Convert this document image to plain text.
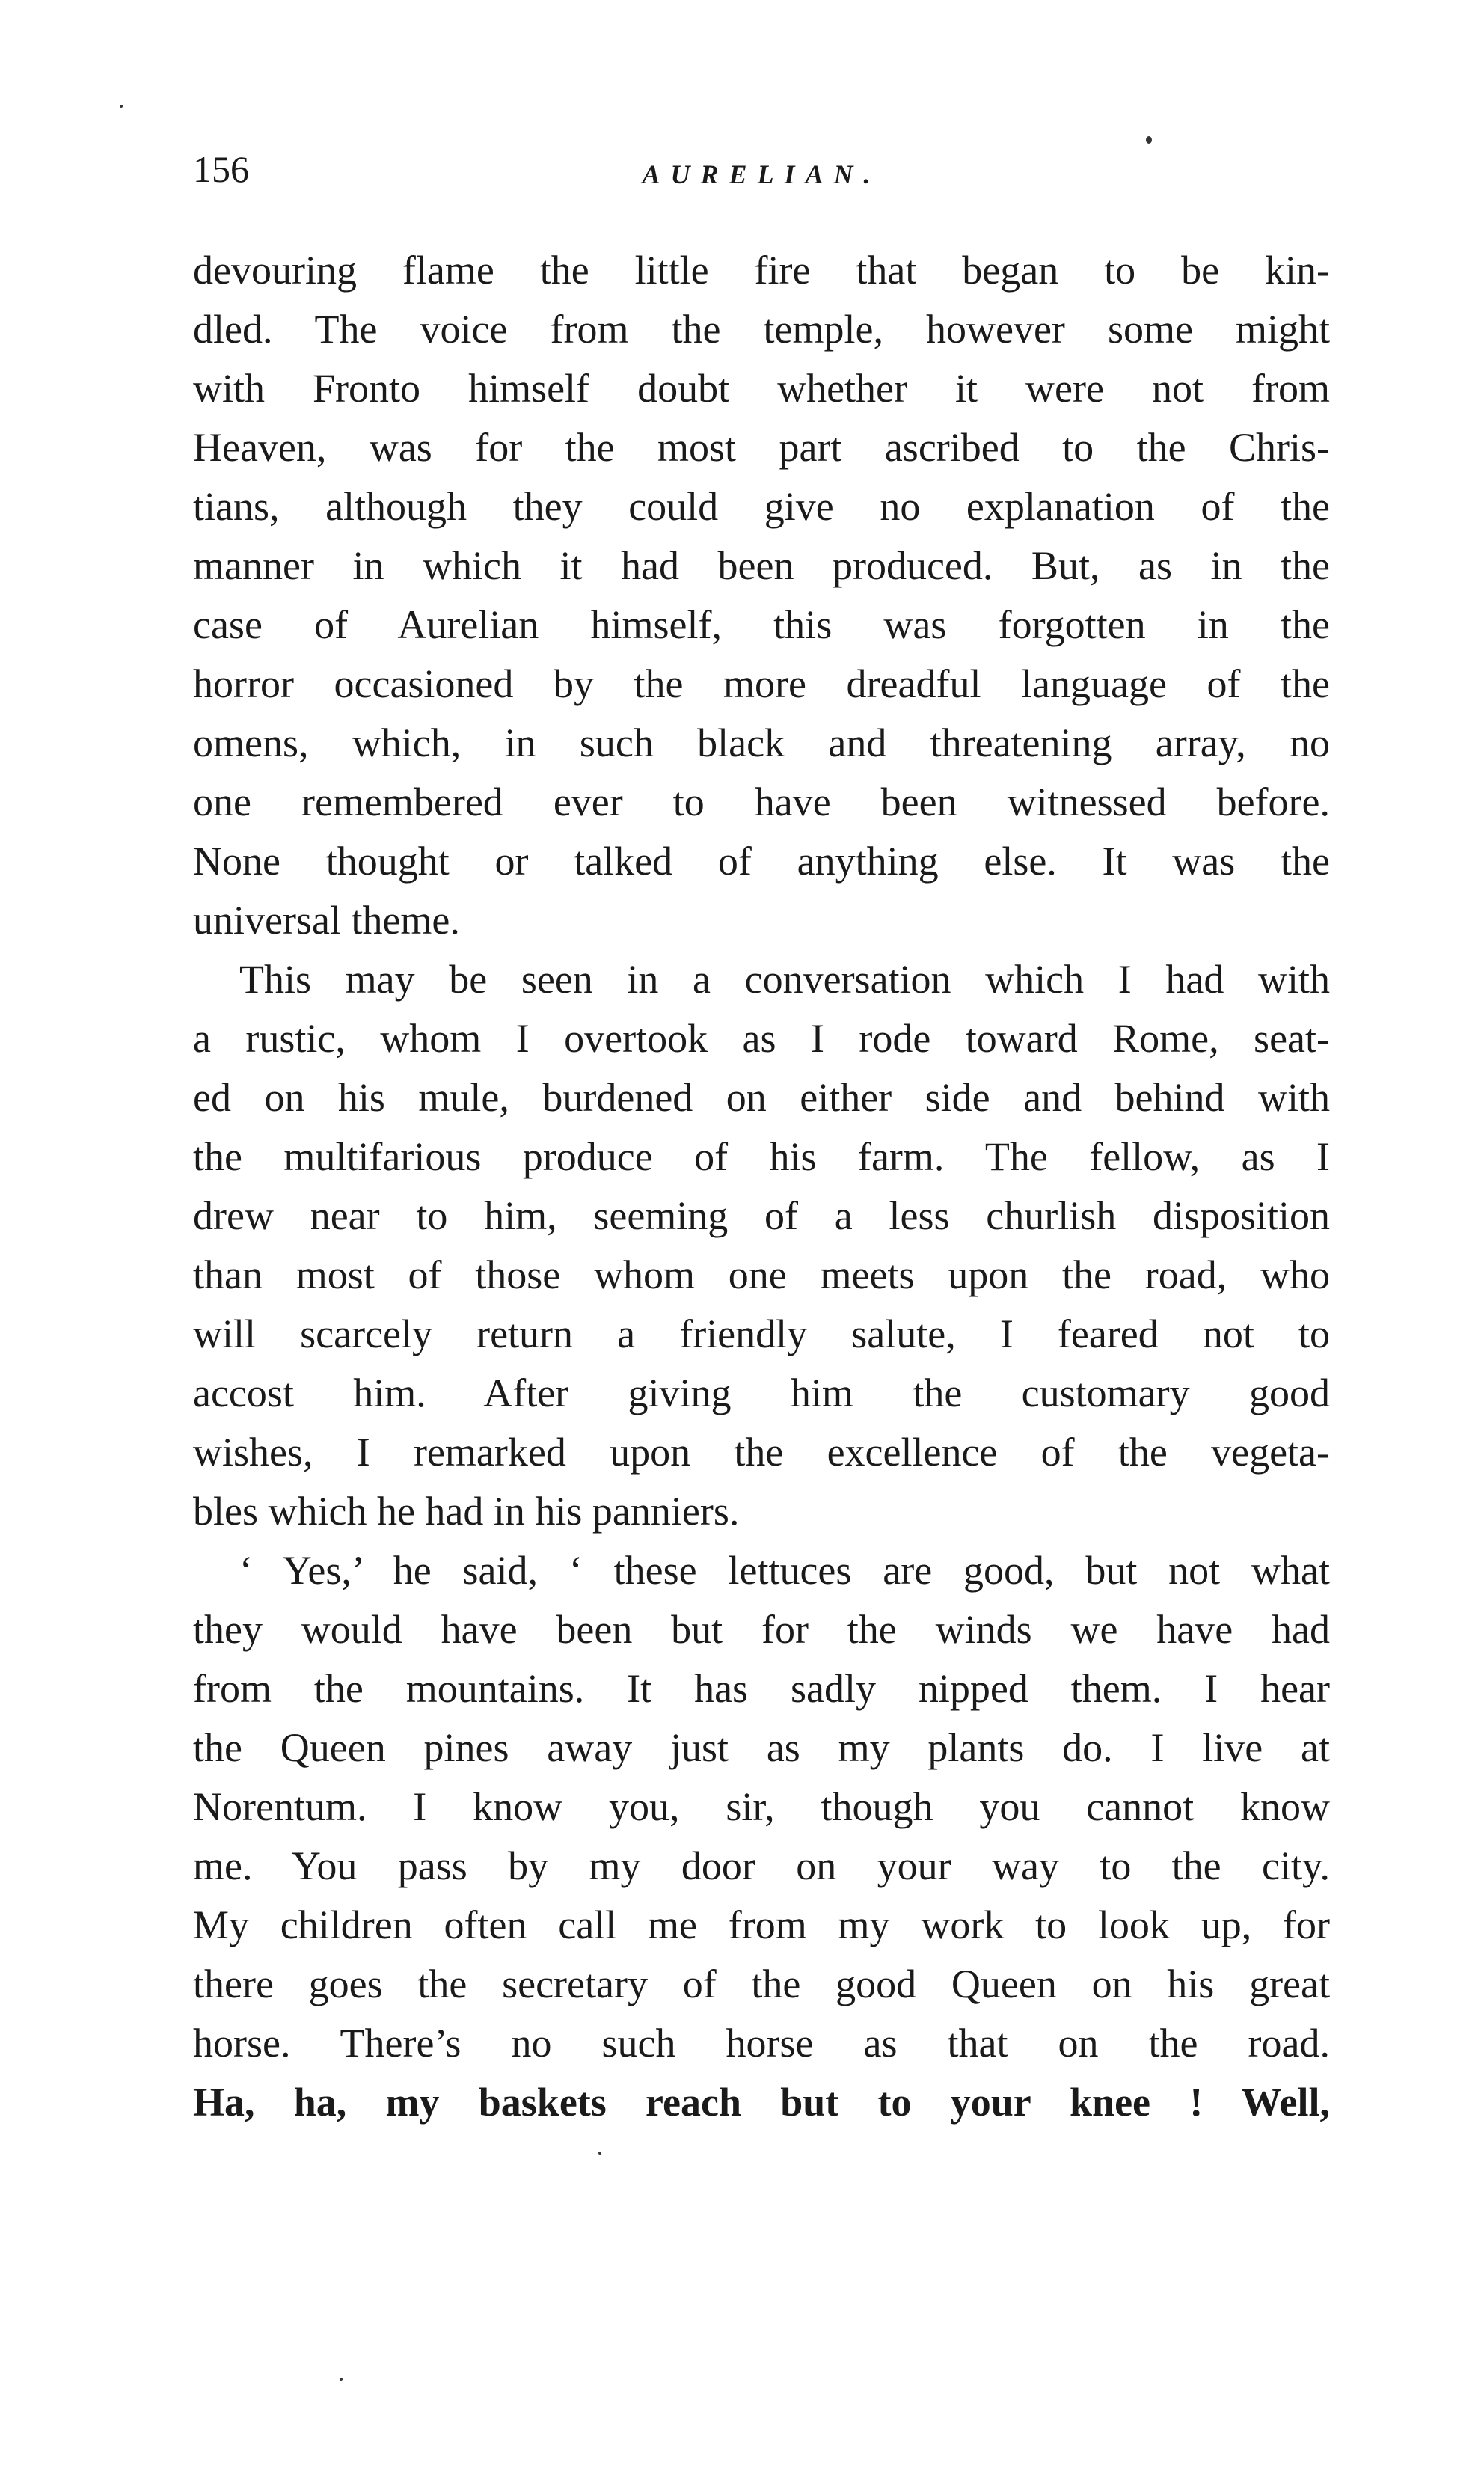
156	AURELIAN.
devouring flame the little fire that began to be kin-
dled. The voice from the temple, however some might
with Fronto himself doubt whether it were not from
Heaven, was for the most part ascribed to the Chris-
tians, although they could give no explanation of the
manner in which it had been produced. But, as in the
case of Aurelian himself, this was forgotten in the
horror occasioned by the more dreadful language of the
omens, which, in such black and threatening array, no
one remembered ever to have been witnessed before.
None thought or talked of anything else. It was the
universal theme.
This may be seen in a conversation which I had with
a rustic, whom I overtook as I rode toward Rome, seat-
ed on his mule, burdened on either side and behind with
the multifarious produce of his farm. The fellow, as I
drew near to him, seeming of a less churlish disposition
than most of those whom one meets upon the road, who
will scarcely return a friendly salute, I feared not to
accost him. After giving him the customary good
wishes, I remarked upon the excellence of the vegeta-
bles which he had in his panniers.
‘ Yes,’ he said, ‘ these lettuces are good, but not what
they would have been but for the winds we have had
from the mountains. It has sadly nipped them. I hear
the Queen pines away just as my plants do. I live at
Norentum. I know you, sir, though you cannot know
me. You pass by my door on your way to the city.
My children often call me from my work to look up, for
there goes the secretary of the good Queen on his great
horse. There’s no such horse as that on the road.
Ha, ha, my baskets reach but to your knee ! Well,
